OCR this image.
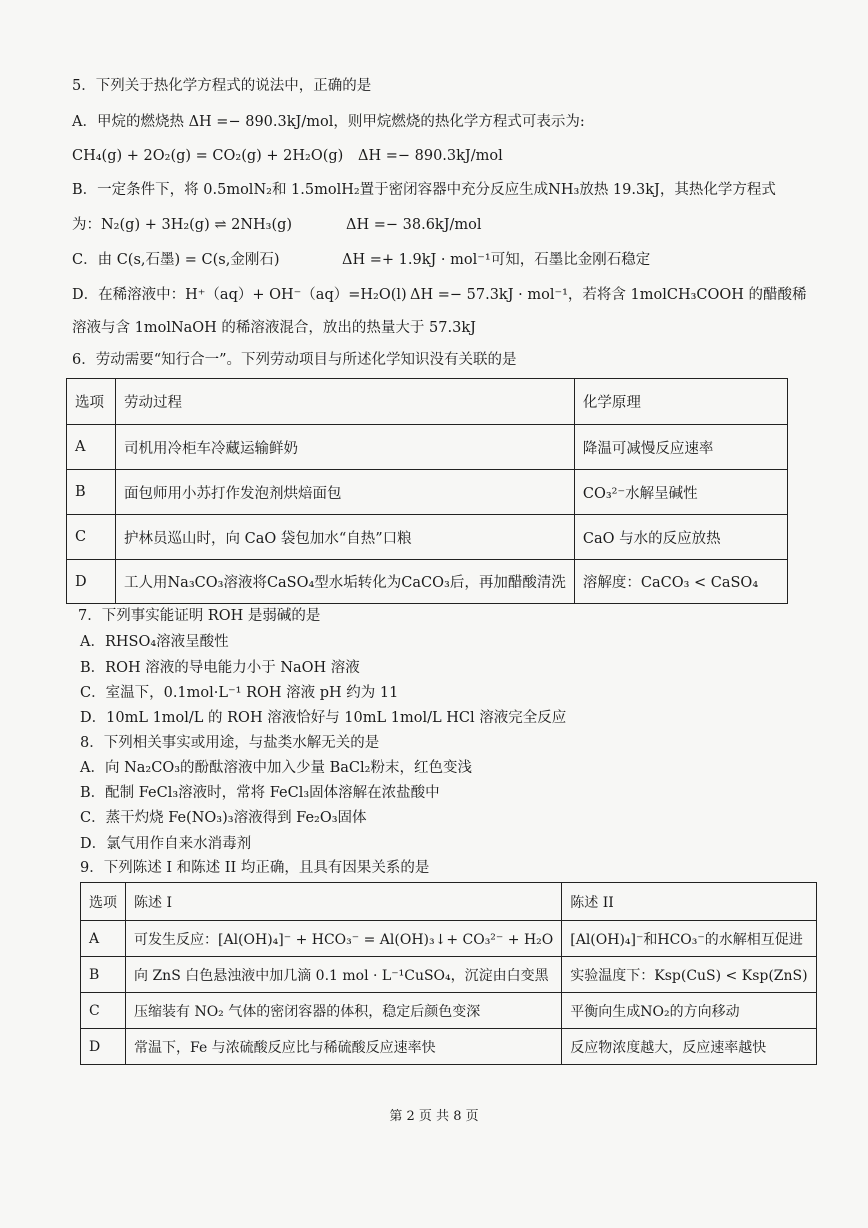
5．下列关于热化学方程式的说法中，正确的是
A．甲烷的燃烧热 ΔH =− 890.3kJ/mol，则甲烷燃烧的热化学方程式可表示为:
CH₄(g) + 2O₂(g) = CO₂(g) + 2H₂O(g) ΔH =− 890.3kJ/mol
B．一定条件下，将 0.5molN₂和 1.5molH₂置于密闭容器中充分反应生成NH₃放热 19.3kJ，其热化学方程式
为：N₂(g) + 3H₂(g) ⇌ 2NH₃(g)	ΔH =− 38.6kJ/mol
C．由 C(s,石墨) = C(s,金刚石)	ΔH =+ 1.9kJ · mol⁻¹可知，石墨比金刚石稳定
D．在稀溶液中：H⁺（aq）+ OH⁻（aq）=H₂O(l) ΔH =− 57.3kJ · mol⁻¹，若将含 1molCH₃COOH 的醋酸稀
溶液与含 1molNaOH 的稀溶液混合，放出的热量大于 57.3kJ
6．劳动需要“知行合一”。下列劳动项目与所述化学知识没有关联的是
选项	劳动过程	化学原理
A	司机用冷柜车冷藏运输鲜奶	降温可减慢反应速率
B	面包师用小苏打作发泡剂烘焙面包	CO₃²⁻水解呈碱性
C	护林员巡山时，向 CaO 袋包加水“自热”口粮	CaO 与水的反应放热
D	工人用Na₃CO₃溶液将CaSO₄型水垢转化为CaCO₃后，再加醋酸清洗	溶解度：CaCO₃ < CaSO₄
7．下列事实能证明 ROH 是弱碱的是
A．RHSO₄溶液呈酸性
B．ROH 溶液的导电能力小于 NaOH 溶液
C．室温下，0.1mol·L⁻¹ ROH 溶液 pH 约为 11
D．10mL 1mol/L 的 ROH 溶液恰好与 10mL 1mol/L HCl 溶液完全反应
8．下列相关事实或用途，与盐类水解无关的是
A．向 Na₂CO₃的酚酞溶液中加入少量 BaCl₂粉末，红色变浅
B．配制 FeCl₃溶液时，常将 FeCl₃固体溶解在浓盐酸中
C．蒸干灼烧 Fe(NO₃)₃溶液得到 Fe₂O₃固体
D．氯气用作自来水消毒剂
9．下列陈述 I 和陈述 II 均正确，且具有因果关系的是
选项	陈述 I	陈述 II
A	可发生反应：[Al(OH)₄]⁻ + HCO₃⁻ = Al(OH)₃↓+ CO₃²⁻ + H₂O	[Al(OH)₄]⁻和HCO₃⁻的水解相互促进
B	向 ZnS 白色悬浊液中加几滴 0.1 mol · L⁻¹CuSO₄，沉淀由白变黑	实验温度下：Ksp(CuS) < Ksp(ZnS)
C	压缩装有 NO₂ 气体的密闭容器的体积，稳定后颜色变深	平衡向生成NO₂的方向移动
D	常温下，Fe 与浓硫酸反应比与稀硫酸反应速率快	反应物浓度越大，反应速率越快
第 2 页 共 8 页
